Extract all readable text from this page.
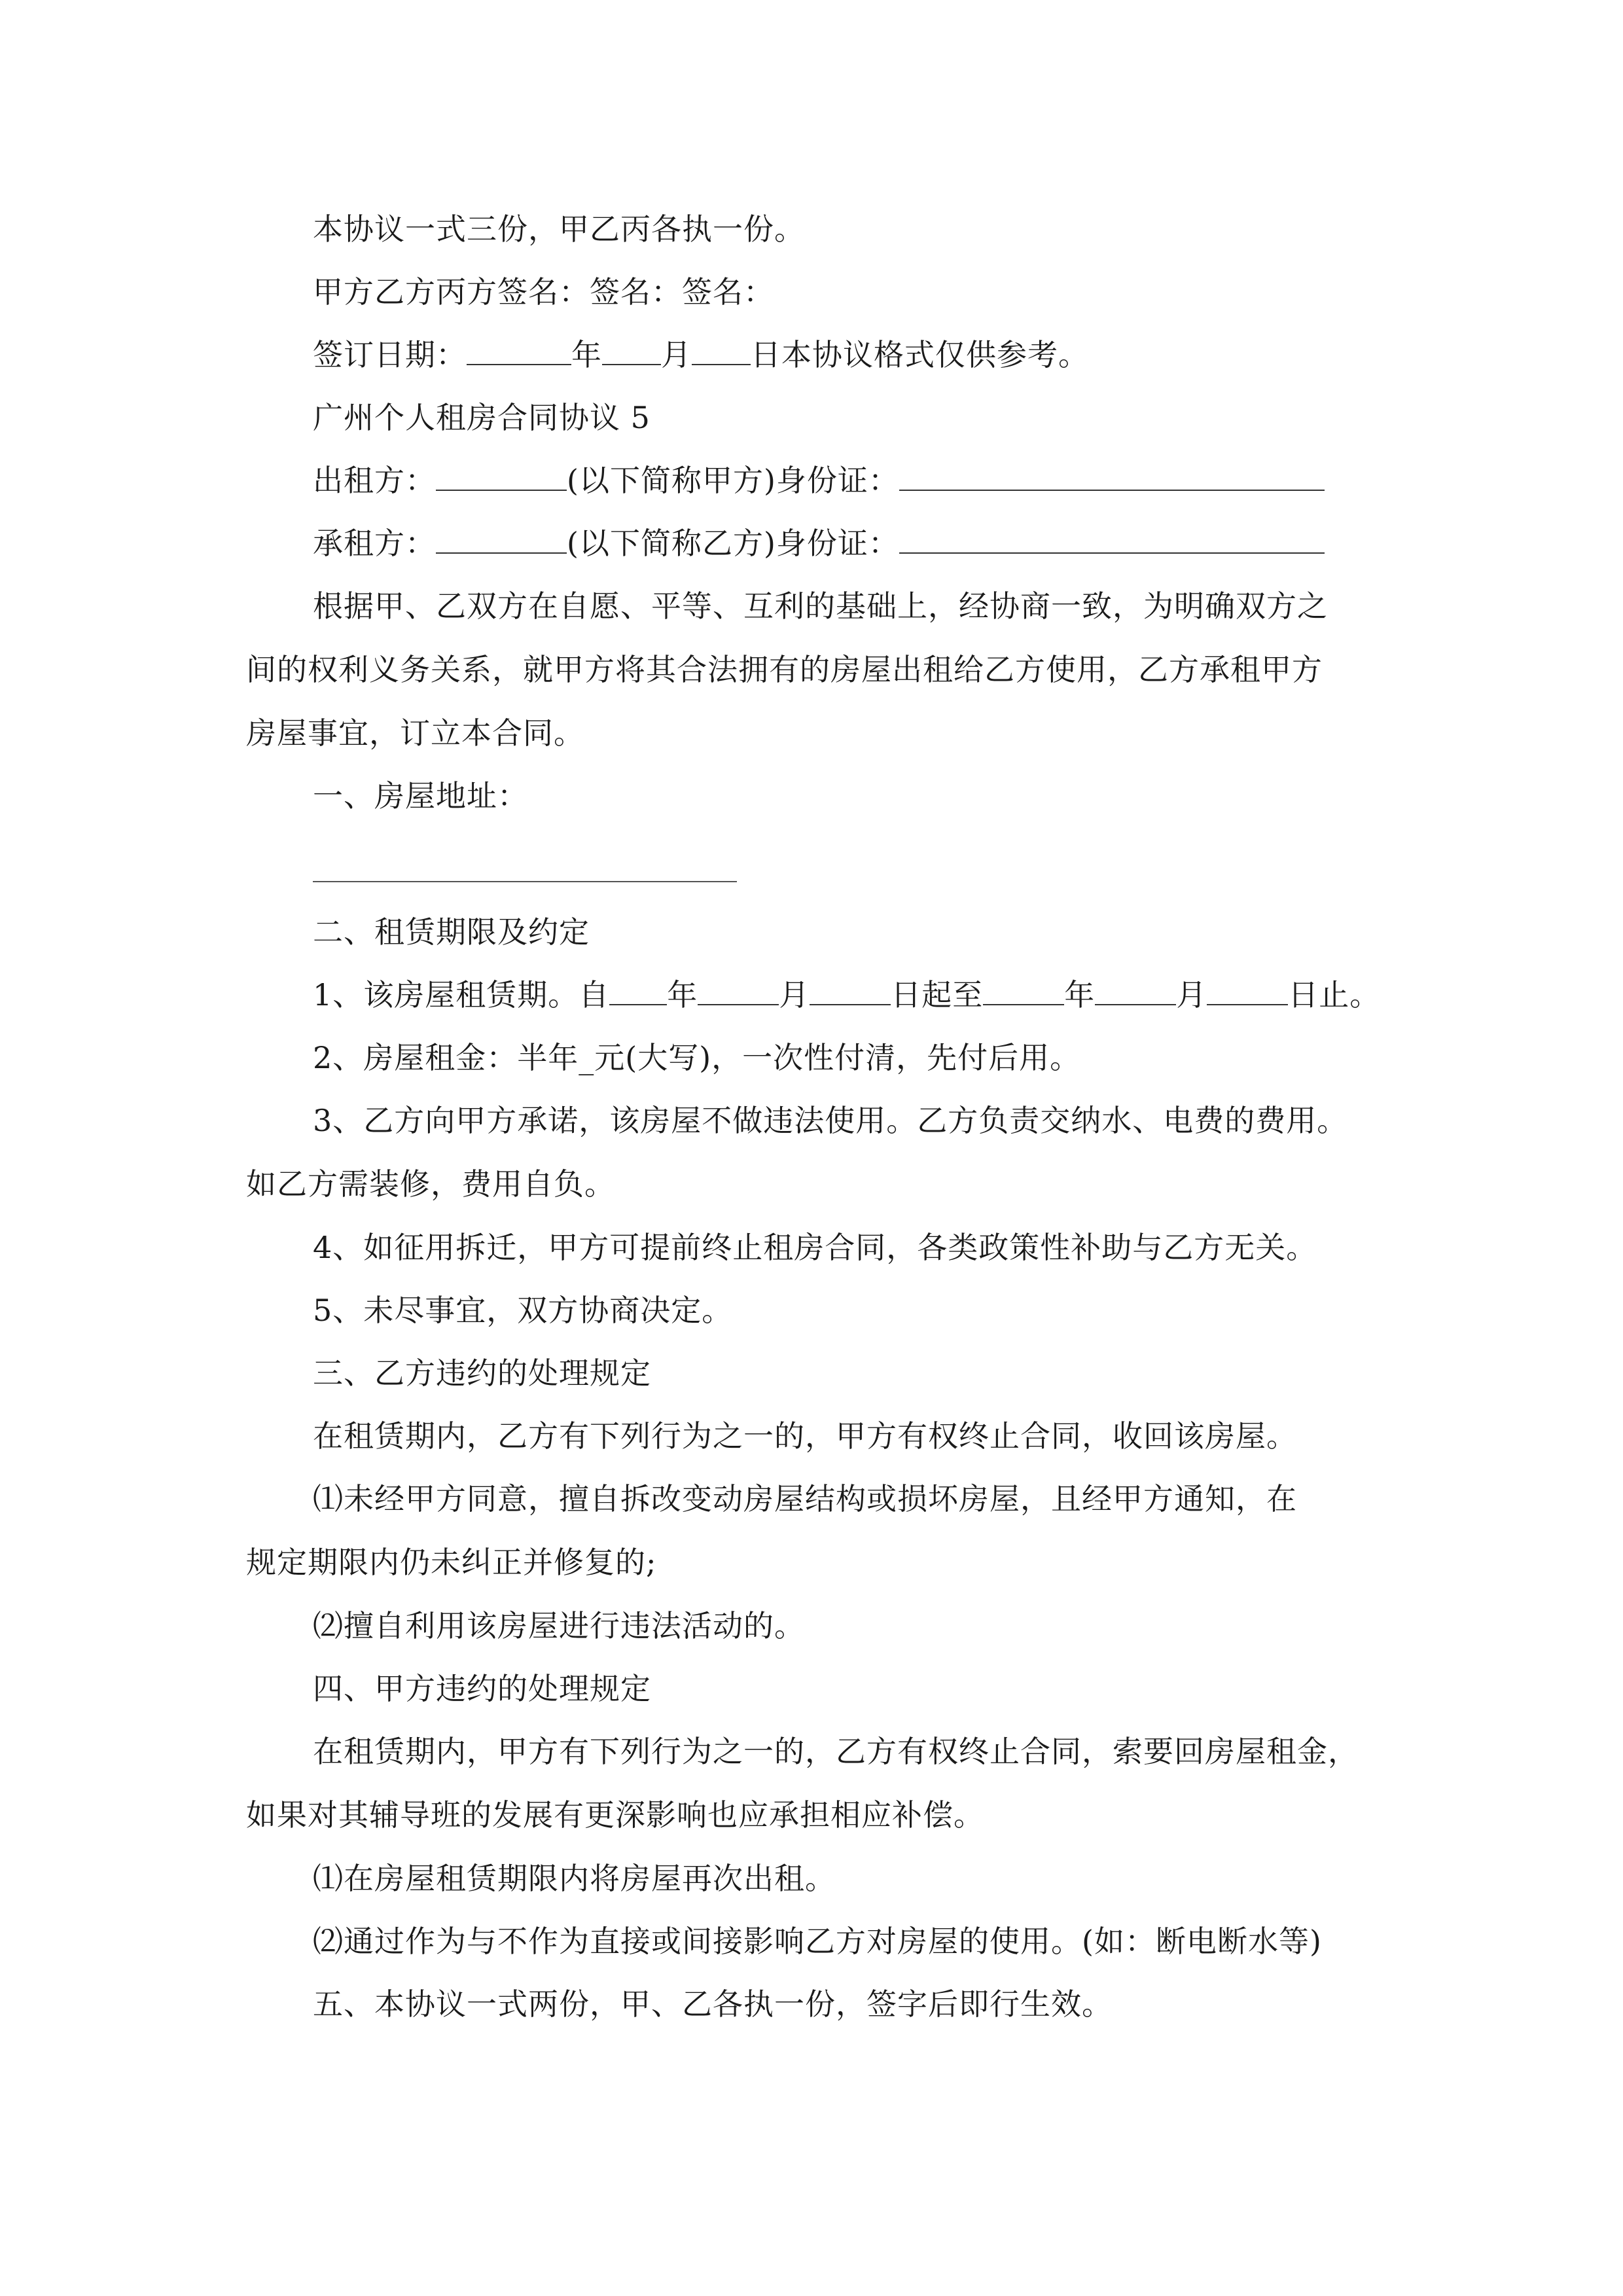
本协议一式三份，甲乙丙各执一份。
甲方乙方丙方签名：签名：签名：
签订日期：	年 月 日本协议格式仅供参考。
广州个人租房合同协议 5
出租方：	(以下简称甲方)身份证：
承租方：	(以下简称乙方)身份证：
根据甲、乙双方在自愿、平等、互利的基础上，经协商一致，为明确双方之
间的权利义务关系，就甲方将其合法拥有的房屋出租给乙方使用，乙方承租甲方
房屋事宜，订立本合同。
一、房屋地址：
二、租赁期限及约定
1、该房屋租赁期。自 年	月	日起至	年	月	日止。
2、房屋租金：半年_元(大写)，一次性付清，先付后用。
3、乙方向甲方承诺，该房屋不做违法使用。乙方负责交纳水、电费的费用。
如乙方需装修，费用自负。
4、如征用拆迁，甲方可提前终止租房合同，各类政策性补助与乙方无关。
5、未尽事宜，双方协商决定。
三、乙方违约的处理规定
在租赁期内，乙方有下列行为之一的，甲方有权终止合同，收回该房屋。
⑴未经甲方同意，擅自拆改变动房屋结构或损坏房屋，且经甲方通知，在
规定期限内仍未纠正并修复的;
⑵擅自利用该房屋进行违法活动的。
四、甲方违约的处理规定
在租赁期内，甲方有下列行为之一的，乙方有权终止合同，索要回房屋租金，
如果对其辅导班的发展有更深影响也应承担相应补偿。
⑴在房屋租赁期限内将房屋再次出租。
⑵通过作为与不作为直接或间接影响乙方对房屋的使用。(如：断电断水等)
五、本协议一式两份，甲、乙各执一份，签字后即行生效。
